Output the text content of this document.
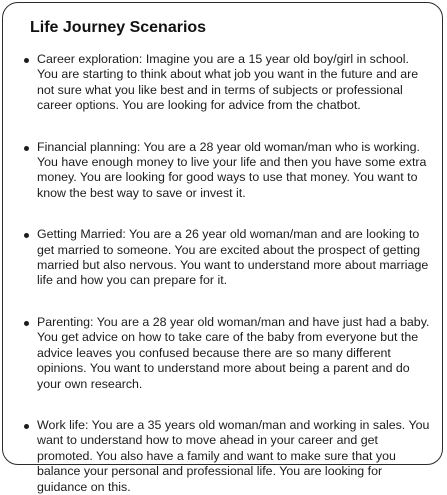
Life Journey Scenarios
Career exploration: Imagine you are a 15 year old boy/girl in school. You are starting to think about what job you want in the future and are not sure what you like best and in terms of subjects or professional career options. You are looking for advice from the chatbot.
Financial planning: You are a 28 year old woman/man who is working. You have enough money to live your life and then you have some extra money. You are looking for good ways to use that money. You want to know the best way to save or invest it.
Getting Married: You are a 26 year old woman/man and are looking to get married to someone. You are excited about the prospect of getting married but also nervous. You want to understand more about marriage life and how you can prepare for it.
Parenting: You are a 28 year old woman/man and have just had a baby. You get advice on how to take care of the baby from everyone but the advice leaves you confused because there are so many different opinions. You want to understand more about being a parent and do your own research.
Work life: You are a 35 years old woman/man and working in sales. You want to understand how to move ahead in your career and get promoted. You also have a family and want to make sure that you balance your personal and professional life. You are looking for guidance on this.
